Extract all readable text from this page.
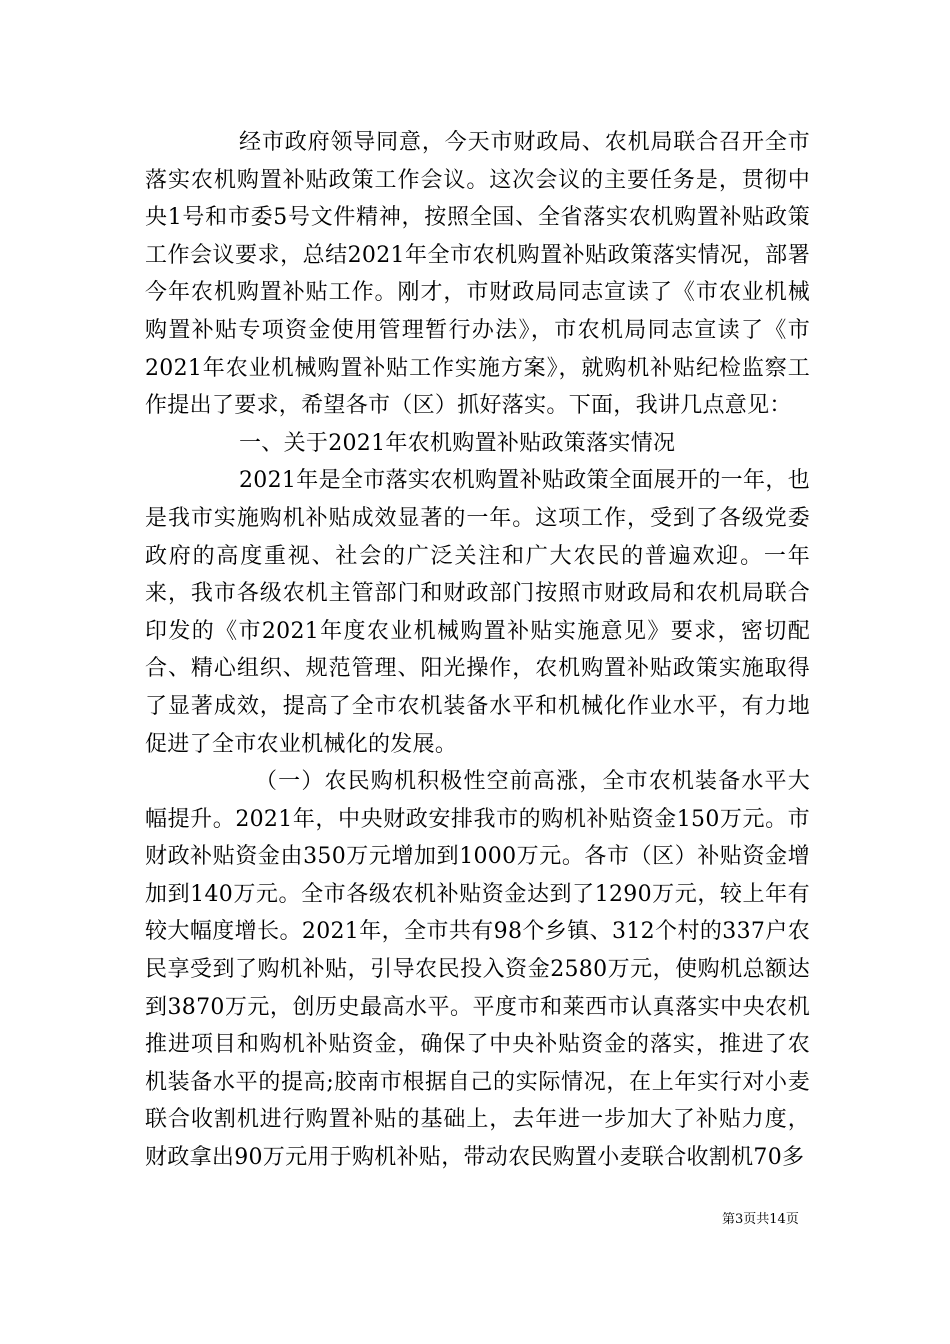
经市政府领导同意，今天市财政局、农机局联合召开全市落实农机购置补贴政策工作会议。这次会议的主要任务是，贯彻中央1号和市委5号文件精神，按照全国、全省落实农机购置补贴政策工作会议要求，总结2021年全市农机购置补贴政策落实情况，部署今年农机购置补贴工作。刚才，市财政局同志宣读了《市农业机械购置补贴专项资金使用管理暂行办法》，市农机局同志宣读了《市2021年农业机械购置补贴工作实施方案》，就购机补贴纪检监察工作提出了要求，希望各市（区）抓好落实。下面，我讲几点意见：

一、关于2021年农机购置补贴政策落实情况

2021年是全市落实农机购置补贴政策全面展开的一年，也是我市实施购机补贴成效显著的一年。这项工作，受到了各级党委政府的高度重视、社会的广泛关注和广大农民的普遍欢迎。一年来，我市各级农机主管部门和财政部门按照市财政局和农机局联合印发的《市2021年度农业机械购置补贴实施意见》要求，密切配合、精心组织、规范管理、阳光操作，农机购置补贴政策实施取得了显著成效，提高了全市农机装备水平和机械化作业水平，有力地促进了全市农业机械化的发展。

（一）农民购机积极性空前高涨，全市农机装备水平大幅提升。2021年，中央财政安排我市的购机补贴资金150万元。市财政补贴资金由350万元增加到1000万元。各市（区）补贴资金增加到140万元。全市各级农机补贴资金达到了1290万元，较上年有较大幅度增长。2021年，全市共有98个乡镇、312个村的337户农民享受到了购机补贴，引导农民投入资金2580万元，使购机总额达到3870万元，创历史最高水平。平度市和莱西市认真落实中央农机推进项目和购机补贴资金，确保了中央补贴资金的落实，推进了农机装备水平的提高;胶南市根据自己的实际情况，在上年实行对小麦联合收割机进行购置补贴的基础上，去年进一步加大了补贴力度，财政拿出90万元用于购机补贴，带动农民购置小麦联合收割机70多

第3页共14页
